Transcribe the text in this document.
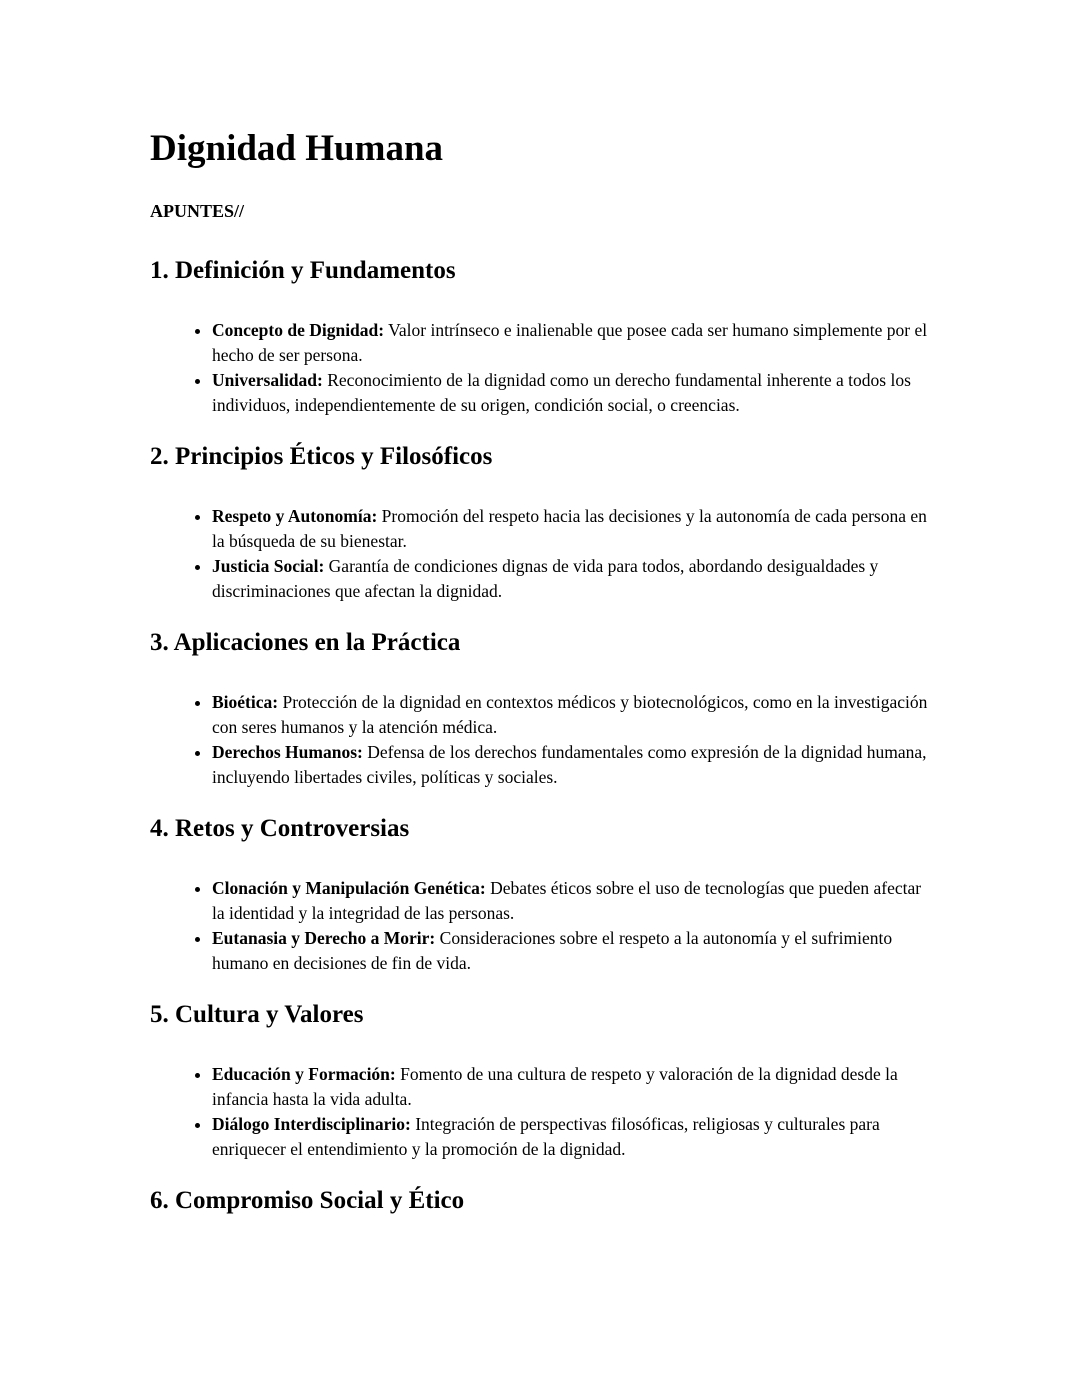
Dignidad Humana

APUNTES//

1. Definición y Fundamentos
• Concepto de Dignidad: Valor intrínseco e inalienable que posee cada ser humano simplemente por el hecho de ser persona.
• Universalidad: Reconocimiento de la dignidad como un derecho fundamental inherente a todos los individuos, independientemente de su origen, condición social, o creencias.
2. Principios Éticos y Filosóficos
• Respeto y Autonomía: Promoción del respeto hacia las decisiones y la autonomía de cada persona en la búsqueda de su bienestar.
• Justicia Social: Garantía de condiciones dignas de vida para todos, abordando desigualdades y discriminaciones que afectan la dignidad.
3. Aplicaciones en la Práctica
• Bioética: Protección de la dignidad en contextos médicos y biotecnológicos, como en la investigación con seres humanos y la atención médica.
• Derechos Humanos: Defensa de los derechos fundamentales como expresión de la dignidad humana, incluyendo libertades civiles, políticas y sociales.
4. Retos y Controversias
• Clonación y Manipulación Genética: Debates éticos sobre el uso de tecnologías que pueden afectar la identidad y la integridad de las personas.
• Eutanasia y Derecho a Morir: Consideraciones sobre el respeto a la autonomía y el sufrimiento humano en decisiones de fin de vida.
5. Cultura y Valores
• Educación y Formación: Fomento de una cultura de respeto y valoración de la dignidad desde la infancia hasta la vida adulta.
• Diálogo Interdisciplinario: Integración de perspectivas filosóficas, religiosas y culturales para enriquecer el entendimiento y la promoción de la dignidad.
6. Compromiso Social y Ético
